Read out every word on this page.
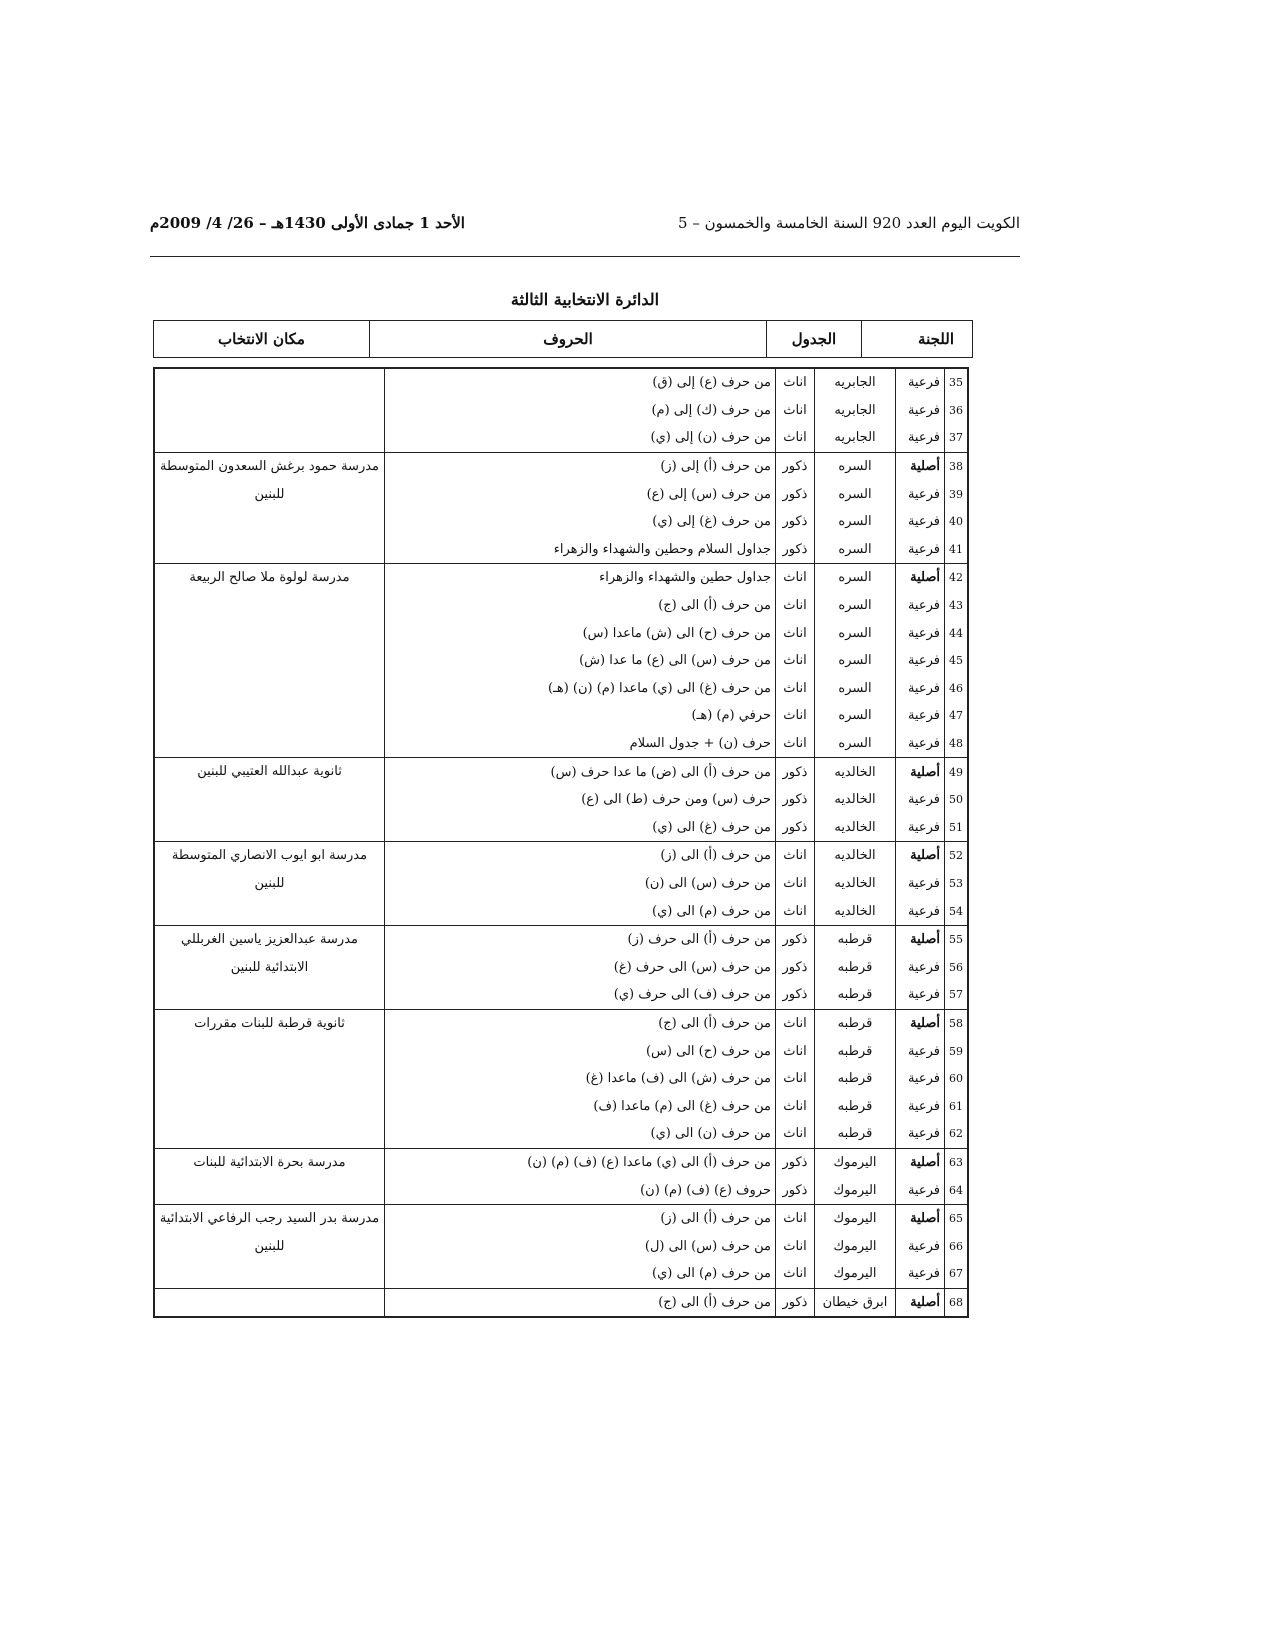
الكويت اليوم العدد 920 السنة الخامسة والخمسون – 5
الأحد 1 جمادى الأولى 1430هـ – 26/ 4/ 2009م
الدائرة الانتخابية الثالثة
اللجنة	الجدول	الحروف	مكان الانتخاب
35	فرعية	الجابريه	اناث	من حرف (ع) إلى (ق)	
36	فرعية	الجابريه	اناث	من حرف (ك) إلى (م)	
37	فرعية	الجابريه	اناث	من حرف (ن) إلى (ي)	
38	أصلية	السره	ذكور	من حرف (أ) إلى (ز)	مدرسة حمود برغش السعدون المتوسطة للبنين
39	فرعية	السره	ذكور	من حرف (س) إلى (ع)	
40	فرعية	السره	ذكور	من حرف (غ) إلى (ي)	
41	فرعية	السره	ذكور	جداول السلام وحطين والشهداء والزهراء	
42	أصلية	السره	اناث	جداول حطين والشهداء والزهراء	مدرسة لولوة ملا صالح الربيعة
43	فرعية	السره	اناث	من حرف (أ) الى (ج)	
44	فرعية	السره	اناث	من حرف (ح) الى (ش) ماعدا (س)	
45	فرعية	السره	اناث	من حرف (س) الى (ع) ما عدا (ش)	
46	فرعية	السره	اناث	من حرف (غ) الى (ي) ماعدا (م) (ن) (هـ)	
47	فرعية	السره	اناث	حرفي (م) (هـ)	
48	فرعية	السره	اناث	حرف (ن) + جدول السلام	
49	أصلية	الخالديه	ذكور	من حرف (أ) الى (ض) ما عدا حرف (س)	ثانوية عبدالله العتيبي للبنين
50	فرعية	الخالديه	ذكور	حرف (س) ومن حرف (ط) الى (ع)	
51	فرعية	الخالديه	ذكور	من حرف (غ) الى (ي)	
52	أصلية	الخالديه	اناث	من حرف (أ) الى (ز)	مدرسة ابو ايوب الانصاري المتوسطة للبنين
53	فرعية	الخالديه	اناث	من حرف (س) الى (ن)	
54	فرعية	الخالديه	اناث	من حرف (م) الى (ي)	
55	أصلية	قرطبه	ذكور	من حرف (أ) الى حرف (ز)	مدرسة عبدالعزيز ياسين الغربللي الابتدائية للبنين
56	فرعية	قرطبه	ذكور	من حرف (س) الى حرف (غ)	
57	فرعية	قرطبه	ذكور	من حرف (ف) الى حرف (ي)	
58	أصلية	قرطبه	اناث	من حرف (أ) الى (ج)	ثانوية قرطبة للبنات مقررات
59	فرعية	قرطبه	اناث	من حرف (ح) الى (س)	
60	فرعية	قرطبه	اناث	من حرف (ش) الى (ف) ماعدا (غ)	
61	فرعية	قرطبه	اناث	من حرف (غ) الى (م) ماعدا (ف)	
62	فرعية	قرطبه	اناث	من حرف (ن) الى (ي)	
63	أصلية	اليرموك	ذكور	من حرف (أ) الى (ي) ماعدا (ع) (ف) (م) (ن)	مدرسة بحرة الابتدائية للبنات
64	فرعية	اليرموك	ذكور	حروف (ع) (ف) (م) (ن)	
65	أصلية	اليرموك	اناث	من حرف (أ) الى (ز)	مدرسة بدر السيد رجب الرفاعي الابتدائية للبنين
66	فرعية	اليرموك	اناث	من حرف (س) الى (ل)	
67	فرعية	اليرموك	اناث	من حرف (م) الى (ي)	
68	أصلية	ابرق خيطان	ذكور	من حرف (أ) الى (ج)	
